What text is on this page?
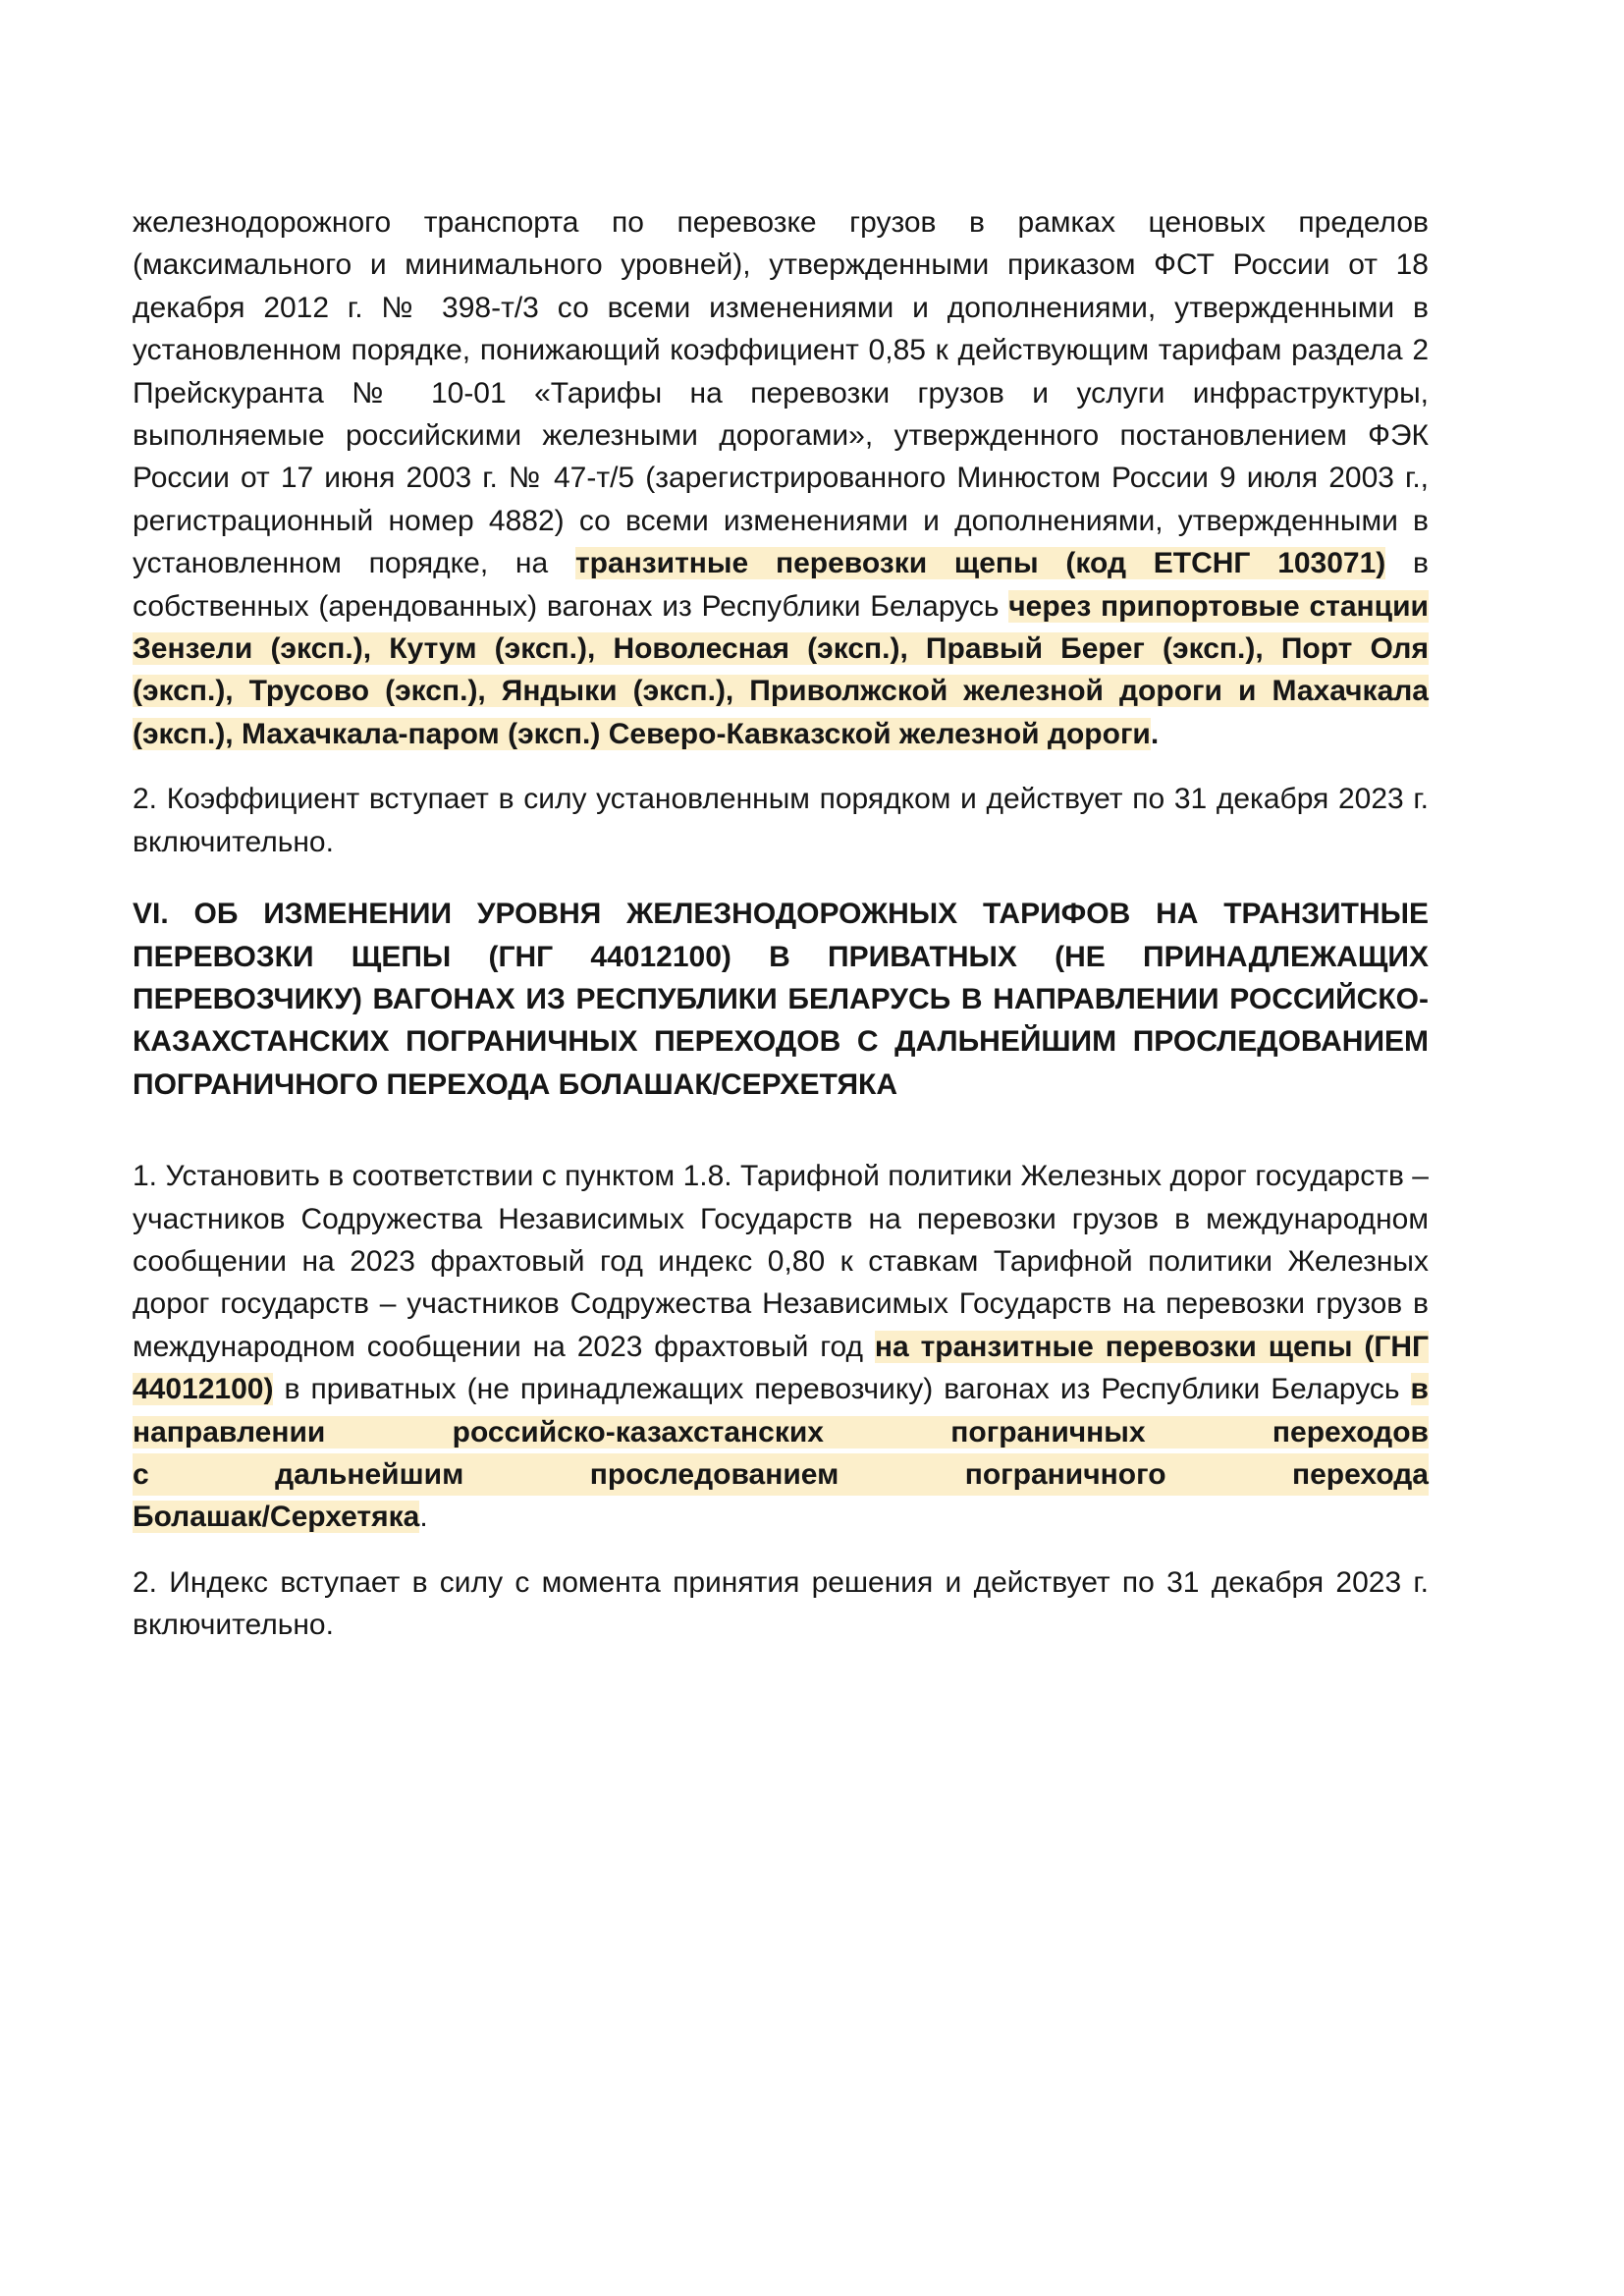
железнодорожного транспорта по перевозке грузов в рамках ценовых пределов (максимального и минимального уровней), утвержденными приказом ФСТ России от 18 декабря 2012 г. № 398-т/3 со всеми изменениями и дополнениями, утвержденными в установленном порядке, понижающий коэффициент 0,85 к действующим тарифам раздела 2 Прейскуранта № 10-01 «Тарифы на перевозки грузов и услуги инфраструктуры, выполняемые российскими железными дорогами», утвержденного постановлением ФЭК России от 17 июня 2003 г. № 47-т/5 (зарегистрированного Минюстом России 9 июля 2003 г., регистрационный номер 4882) со всеми изменениями и дополнениями, утвержденными в установленном порядке, на транзитные перевозки щепы (код ЕТСНГ 103071) в собственных (арендованных) вагонах из Республики Беларусь через припортовые станции Зензели (эксп.), Кутум (эксп.), Новолесная (эксп.), Правый Берег (эксп.), Порт Оля (эксп.), Трусово (эксп.), Яндыки (эксп.), Приволжской железной дороги и Махачкала (эксп.), Махачкала-паром (эксп.) Северо-Кавказской железной дороги.

2. Коэффициент вступает в силу установленным порядком и действует по 31 декабря 2023 г. включительно.

VI. ОБ ИЗМЕНЕНИИ УРОВНЯ ЖЕЛЕЗНОДОРОЖНЫХ ТАРИФОВ НА ТРАНЗИТНЫЕ ПЕРЕВОЗКИ ЩЕПЫ (ГНГ 44012100) В ПРИВАТНЫХ (НЕ ПРИНАДЛЕЖАЩИХ ПЕРЕВОЗЧИКУ) ВАГОНАХ ИЗ РЕСПУБЛИКИ БЕЛАРУСЬ В НАПРАВЛЕНИИ РОССИЙСКО-КАЗАХСТАНСКИХ ПОГРАНИЧНЫХ ПЕРЕХОДОВ С ДАЛЬНЕЙШИМ ПРОСЛЕДОВАНИЕМ ПОГРАНИЧНОГО ПЕРЕХОДА БОЛАШАК/СЕРХЕТЯКА

1. Установить в соответствии с пунктом 1.8. Тарифной политики Железных дорог государств – участников Содружества Независимых Государств на перевозки грузов в международном сообщении на 2023 фрахтовый год индекс 0,80 к ставкам Тарифной политики Железных дорог государств – участников Содружества Независимых Государств на перевозки грузов в международном сообщении на 2023 фрахтовый год на транзитные перевозки щепы (ГНГ 44012100) в приватных (не принадлежащих перевозчику) вагонах из Республики Беларусь в направлении российско-казахстанских пограничных переходовс дальнейшим проследованием пограничного переходаБолашак/Серхетяка.

2. Индекс вступает в силу с момента принятия решения и действует по 31 декабря 2023 г. включительно.
